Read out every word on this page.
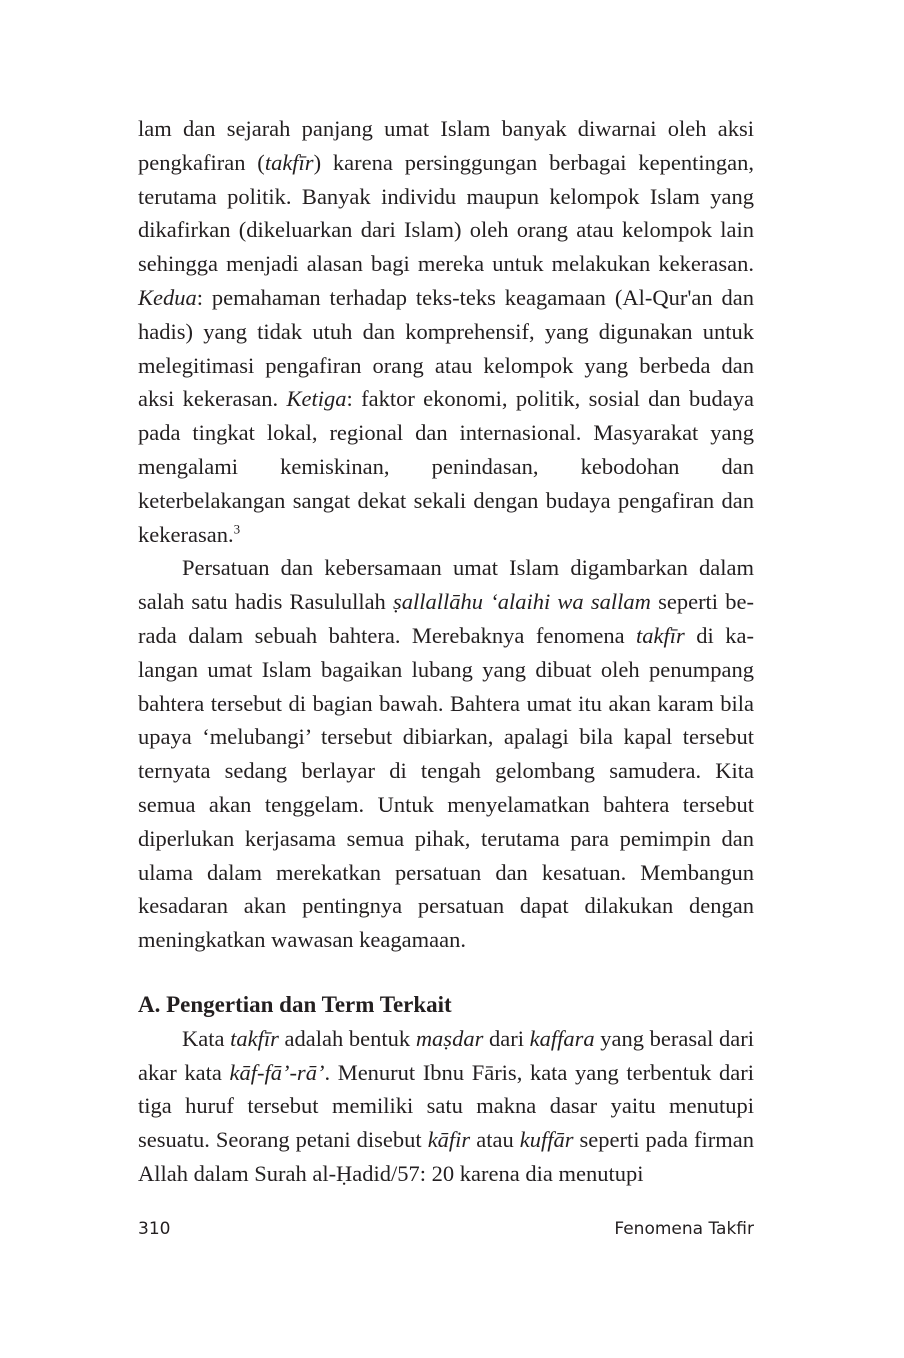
lam dan sejarah panjang umat Islam banyak diwarnai oleh aksi pengkafiran (takfīr) karena persinggungan berbagai kepentingan, terutama politik. Banyak individu maupun kelompok Islam yang dikafirkan (dikeluarkan dari Islam) oleh orang atau kelompok lain sehingga menjadi alasan bagi mereka untuk melakukan kekerasan. Kedua: pemahaman terhadap teks-teks keagamaan (Al-Qur'an dan hadis) yang tidak utuh dan komprehensif, yang digunakan untuk melegitimasi pengafiran orang atau kelompok yang berbeda dan aksi kekerasan. Ketiga: faktor ekonomi, politik, sosial dan budaya pada tingkat lokal, regional dan internasional. Masyarakat yang mengalami kemiskinan, penindasan, kebodohan dan keterbelakangan sangat dekat sekali dengan budaya pengafiran dan kekerasan.$^3$

Persatuan dan kebersamaan umat Islam digambarkan dalam salah satu hadis Rasulullah ṣallallāhu ‘alaihi wa sallam seperti berada dalam sebuah bahtera. Merebaknya fenomena takfīr di kalangan umat Islam bagaikan lubang yang dibuat oleh penumpang bahtera tersebut di bagian bawah. Bahtera umat itu akan karam bila upaya ‘melubangi’ tersebut dibiarkan, apalagi bila kapal tersebut ternyata sedang berlayar di tengah gelombang samudera. Kita semua akan tenggelam. Untuk menyelamatkan bahtera tersebut diperlukan kerjasama semua pihak, terutama para pemimpin dan ulama dalam merekatkan persatuan dan kesatuan. Membangun kesadaran akan pentingnya persatuan dapat dilakukan dengan meningkatkan wawasan keagamaan.

A. Pengertian dan Term Terkait

Kata takfīr adalah bentuk maṣdar dari kaffara yang berasal dari akar kata kāf-fā’-rā’. Menurut Ibnu Fāris, kata yang terbentuk dari tiga huruf tersebut memiliki satu makna dasar yaitu menutupi sesuatu. Seorang petani disebut kāfir atau kuffār seperti pada firman Allah dalam Surah al-Ḥadid/57: 20 karena dia menutupi

310	Fenomena Takfir
